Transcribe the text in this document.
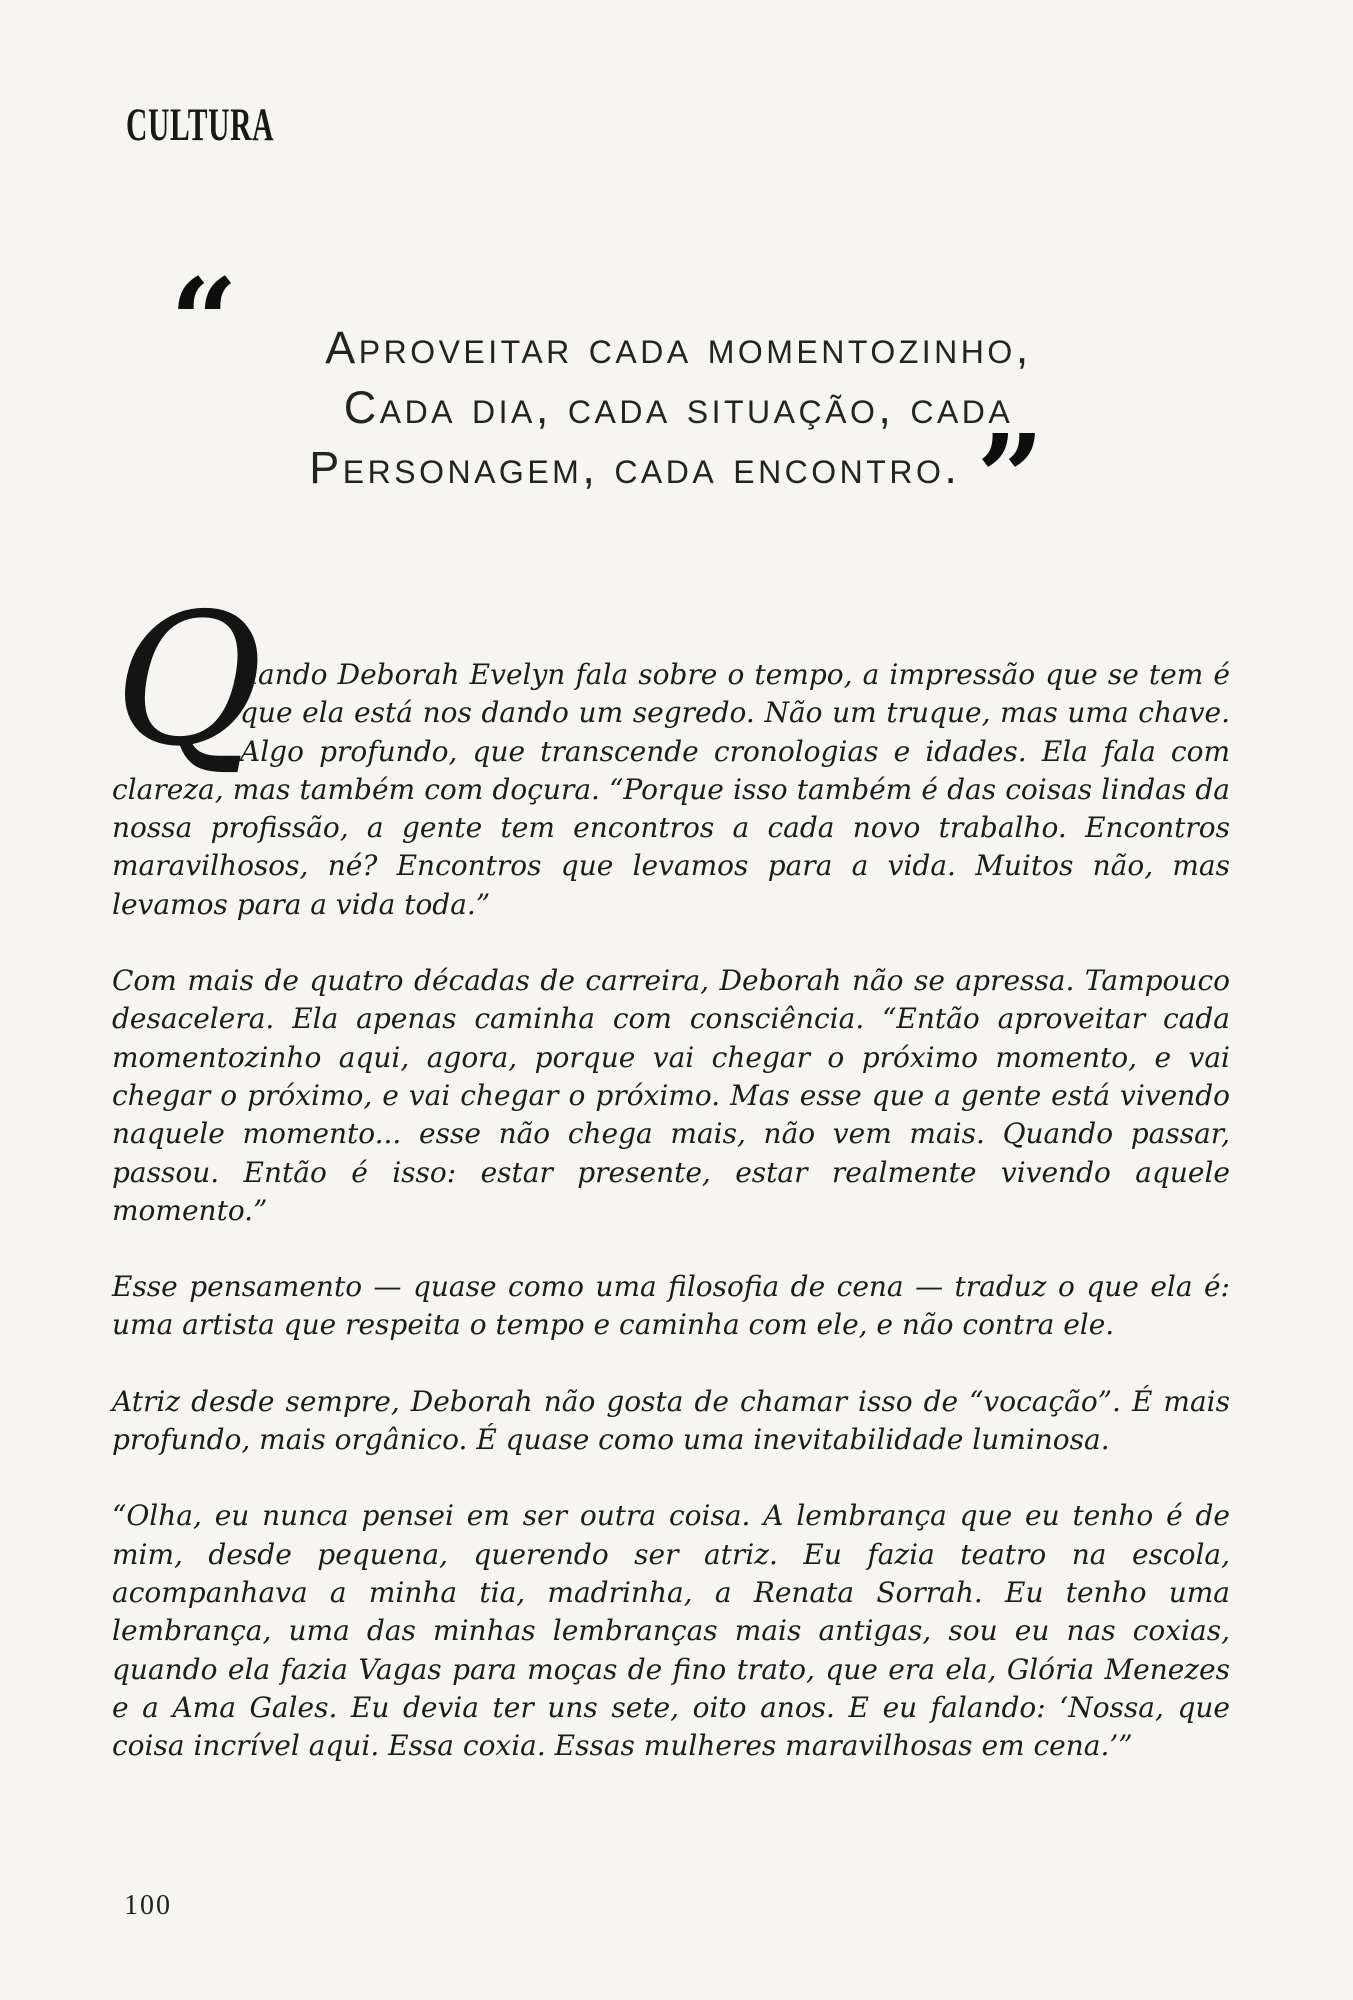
CULTURA
“	aproveitar cada momentozinho,
Cada dia, cada situação, cada
Personagem, cada encontro. ”

Q
uando Deborah Evelyn fala sobre o tempo, a impressão que se tem é que ela está nos dando um segredo. Não um truque, mas uma chave. Algo profundo, que transcende cronologias e idades. Ela fala com clareza, mas também com doçura. “Porque isso também é das coisas lindas da nossa profissão, a gente tem encontros a cada novo trabalho. Encontros maravilhosos, né? Encontros que levamos para a vida. Muitos não, mas levamos para a vida toda.”

Com mais de quatro décadas de carreira, Deborah não se apressa. Tampouco desacelera. Ela apenas caminha com consciência. “Então aproveitar cada momentozinho aqui, agora, porque vai chegar o próximo momento, e vai chegar o próximo, e vai chegar o próximo. Mas esse que a gente está vivendo naquele momento... esse não chega mais, não vem mais. Quando passar, passou. Então é isso: estar presente, estar realmente vivendo aquele momento.”

Esse pensamento — quase como uma filosofia de cena — traduz o que ela é: uma artista que respeita o tempo e caminha com ele, e não contra ele.

Atriz desde sempre, Deborah não gosta de chamar isso de “vocação”. É mais profundo, mais orgânico. É quase como uma inevitabilidade luminosa.

“Olha, eu nunca pensei em ser outra coisa. A lembrança que eu tenho é de mim, desde pequena, querendo ser atriz. Eu fazia teatro na escola, acompanhava a minha tia, madrinha, a Renata Sorrah. Eu tenho uma lembrança, uma das minhas lembranças mais antigas, sou eu nas coxias, quando ela fazia Vagas para moças de fino trato, que era ela, Glória Menezes e a Ama Gales. Eu devia ter uns sete, oito anos. E eu falando: ‘Nossa, que coisa incrível aqui. Essa coxia. Essas mulheres maravilhosas em cena.’”

100
